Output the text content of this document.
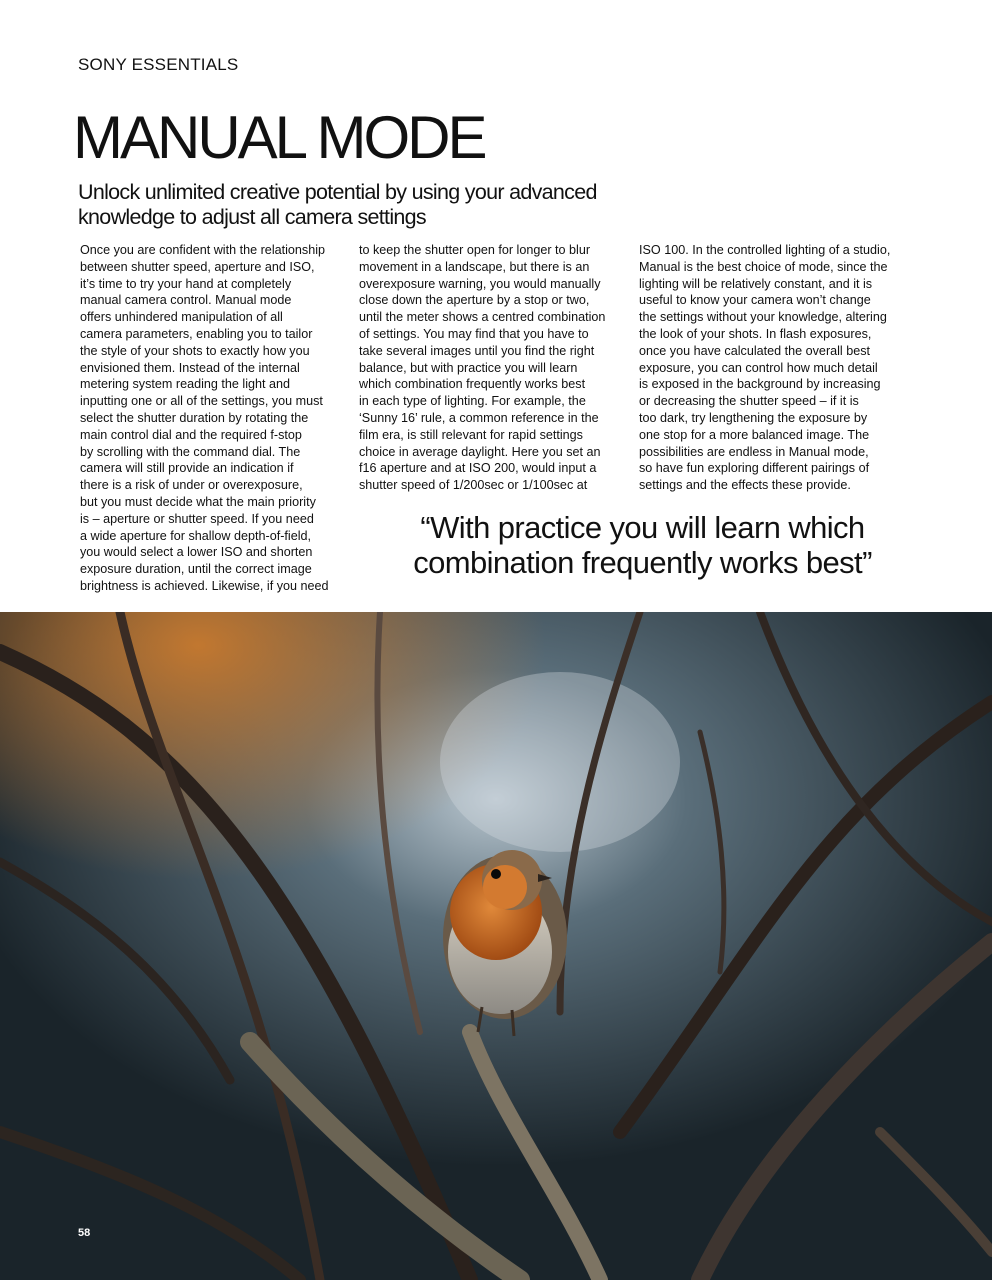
SONY ESSENTIALS
MANUAL MODE
Unlock unlimited creative potential by using your advanced
knowledge to adjust all camera settings
Once you are confident with the relationship
between shutter speed, aperture and ISO,
it’s time to try your hand at completely
manual camera control. Manual mode
offers unhindered manipulation of all
camera parameters, enabling you to tailor
the style of your shots to exactly how you
envisioned them. Instead of the internal
metering system reading the light and
inputting one or all of the settings, you must
select the shutter duration by rotating the
main control dial and the required f-stop
by scrolling with the command dial. The
camera will still provide an indication if
there is a risk of under or overexposure,
but you must decide what the main priority
is – aperture or shutter speed. If you need
a wide aperture for shallow depth-of-field,
you would select a lower ISO and shorten
exposure duration, until the correct image
brightness is achieved. Likewise, if you need
to keep the shutter open for longer to blur
movement in a landscape, but there is an
overexposure warning, you would manually
close down the aperture by a stop or two,
until the meter shows a centred combination
of settings. You may find that you have to
take several images until you find the right
balance, but with practice you will learn
which combination frequently works best
in each type of lighting. For example, the
‘Sunny 16’ rule, a common reference in the
film era, is still relevant for rapid settings
choice in average daylight. Here you set an
f16 aperture and at ISO 200, would input a
shutter speed of 1/200sec or 1/100sec at
ISO 100. In the controlled lighting of a studio,
Manual is the best choice of mode, since the
lighting will be relatively constant, and it is
useful to know your camera won’t change
the settings without your knowledge, altering
the look of your shots. In flash exposures,
once you have calculated the overall best
exposure, you can control how much detail
is exposed in the background by increasing
or decreasing the shutter speed – if it is
too dark, try lengthening the exposure by
one stop for a more balanced image. The
possibilities are endless in Manual mode,
so have fun exploring different pairings of
settings and the effects these provide.
“With practice you will learn which
combination frequently works best”
58
